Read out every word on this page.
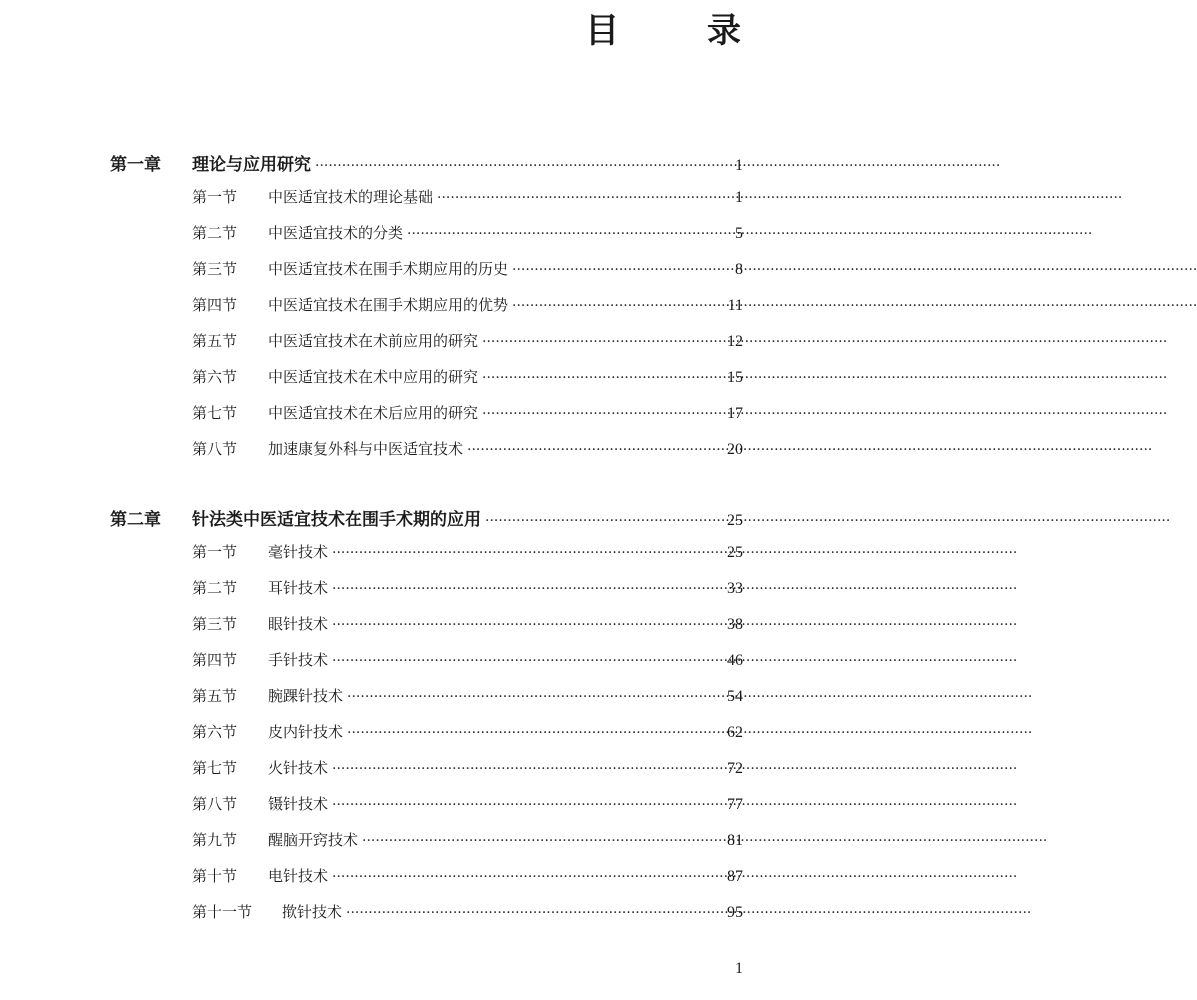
目 录
第一章	理论与应用研究 ·····	1
第一节	中医适宜技术的理论基础 ·····	1
第二节	中医适宜技术的分类 ·····	5
第三节	中医适宜技术在围手术期应用的历史 ·····	8
第四节	中医适宜技术在围手术期应用的优势 ·····	11
第五节	中医适宜技术在术前应用的研究 ·····	12
第六节	中医适宜技术在术中应用的研究 ·····	15
第七节	中医适宜技术在术后应用的研究 ·····	17
第八节	加速康复外科与中医适宜技术 ·····	20
第二章	针法类中医适宜技术在围手术期的应用 ·····	25
第一节	毫针技术 ·····	25
第二节	耳针技术 ·····	33
第三节	眼针技术 ·····	38
第四节	手针技术 ·····	46
第五节	腕踝针技术 ·····	54
第六节	皮内针技术 ·····	62
第七节	火针技术 ·····	72
第八节	镊针技术 ·····	77
第九节	醒脑开窍技术 ·····	81
第十节	电针技术 ·····	87
第十一节	揿针技术 ·····	95
1
